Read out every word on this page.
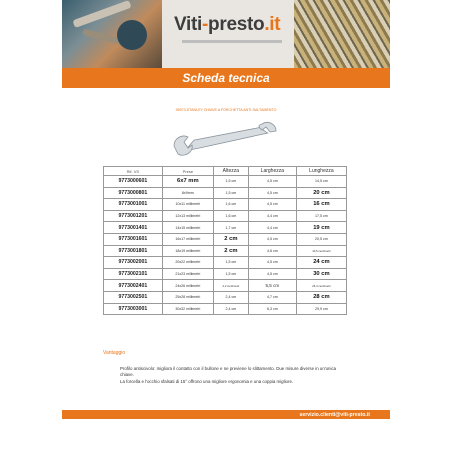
Viti-presto.it
Scheda tecnica
95973-STANLEY CHIAVE A FORCHETTA ANTI-SALTAMENTO
Rif. VS	Prese	Altezza	Larghezza	Lunghezza
9773000601	6x7 mm	1,5 cm	4,5 cm	14,5 cm
9773000801	8x9mm	1,5 cm	4,5 cm	20 cm
9773001001	10x11 millimetri	1,6 cm	4,5 cm	16 cm
9773001201	12x13 millimetri	1,6 cm	4,4 cm	17,5 cm
9773001401	14x15 millimetri	1,7 cm	4,4 cm	19 cm
9773001601	16x17 millimetri	2 cm	4,5 cm	20,5 cm
9773001801	18x19 millimetri	2 cm	4,6 cm	10,5 centimetri
9773002001	20x22 millimetri	1,5 cm	4,5 cm	24 cm
9773002101	21x23 millimetri	1,5 cm	4,5 cm	30 cm
9773002401	24x26 millimetri	2,2 centimetri	5,5 cm	26,4 centimetri
9773002501	25x28 millimetri	2,4 cm	4,7 cm	28 cm
9773003001	30x32 millimetri	2,4 cm	6,3 cm	29,9 cm
Vantaggio

Profilo antiscivolo: migliora il contatto con il bullone e ne previene lo slittamento. Due misure diverse in un'unica chiave.

La forcella e l'occhio sfalsati di 15° offrono una migliore ergonomia e una coppia migliore.

servizio.clienti@viti-presto.it
